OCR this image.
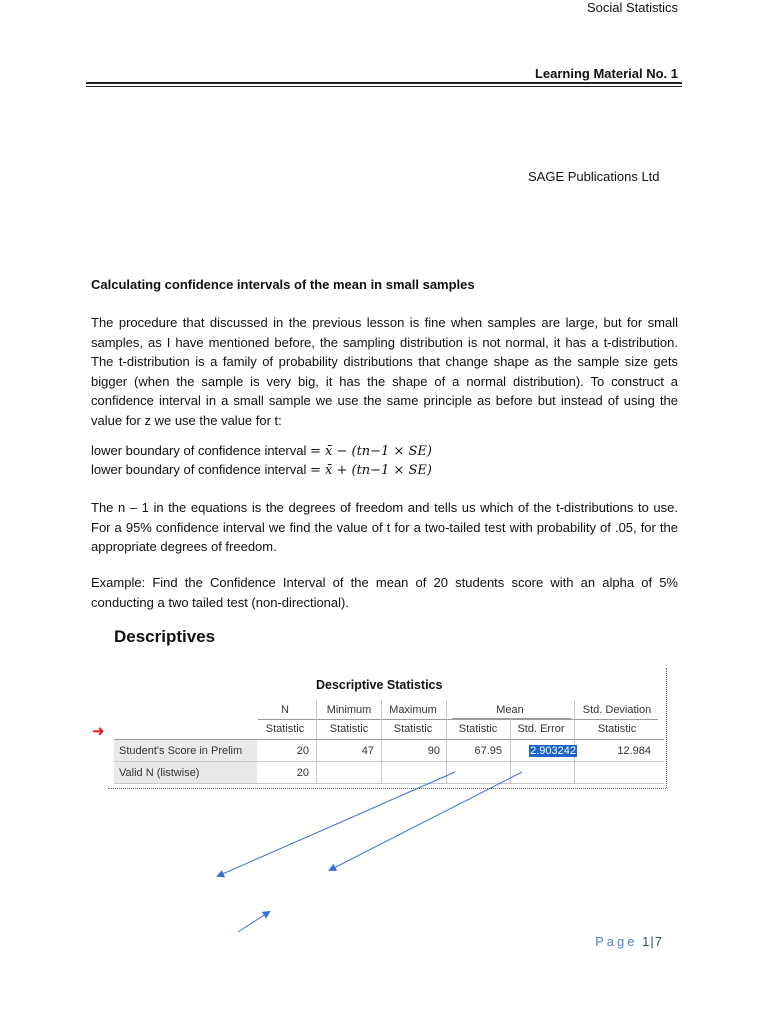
Social Statistics
Learning Material No. 1
SAGE Publications Ltd
Calculating confidence intervals of the mean in small samples

The procedure that discussed in the previous lesson is fine when samples are large, but for small samples, as I have mentioned before, the sampling distribution is not normal, it has a t-distribution. The t-distribution is a family of probability distributions that change shape as the sample size gets bigger (when the sample is very big, it has the shape of a normal distribution). To construct a confidence interval in a small sample we use the same principle as before but instead of using the value for z we use the value for t:

lower boundary of confidence interval = x̄ − (tn−1 × SE)
lower boundary of confidence interval = x̄ + (tn−1 × SE)

The n – 1 in the equations is the degrees of freedom and tells us which of the t-distributions to use. For a 95% confidence interval we find the value of t for a two-tailed test with probability of .05, for the appropriate degrees of freedom.

Example: Find the Confidence Interval of the mean of 20 students score with an alpha of 5% conducting a two tailed test (non-directional).

Descriptives
Descriptive Statistics
➜
N	Minimum	Maximum	Mean	Std. Deviation
Statistic	Statistic	Statistic	Statistic	Std. Error	Statistic
Student's Score in Prelim	20	47	90	67.95	2.903242	12.984
Valid N (listwise)	20
Page 1|7
